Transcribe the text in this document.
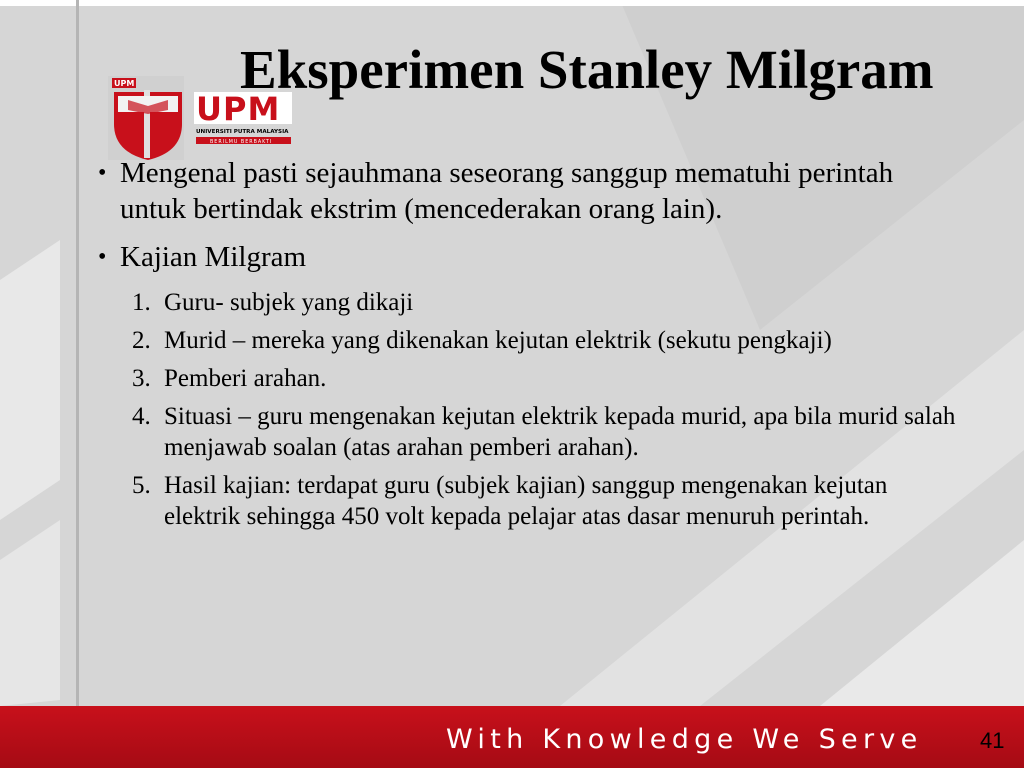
UPM
UPM
UNIVERSITI PUTRA MALAYSIA
BERILMU BERBAKTI
Eksperimen Stanley Milgram
• Mengenal pasti sejauhmana seseorang sanggup mematuhi perintah untuk bertindak ekstrim (mencederakan orang lain).
• Kajian Milgram
1. Guru- subjek yang dikaji
2. Murid – mereka yang dikenakan kejutan elektrik (sekutu pengkaji)
3. Pemberi arahan.
4. Situasi – guru mengenakan kejutan elektrik kepada murid, apa bila murid salah menjawab soalan (atas arahan pemberi arahan).
5. Hasil kajian: terdapat guru (subjek kajian) sanggup mengenakan kejutan elektrik sehingga 450 volt kepada pelajar atas dasar menuruh perintah.
With Knowledge We Serve	41
